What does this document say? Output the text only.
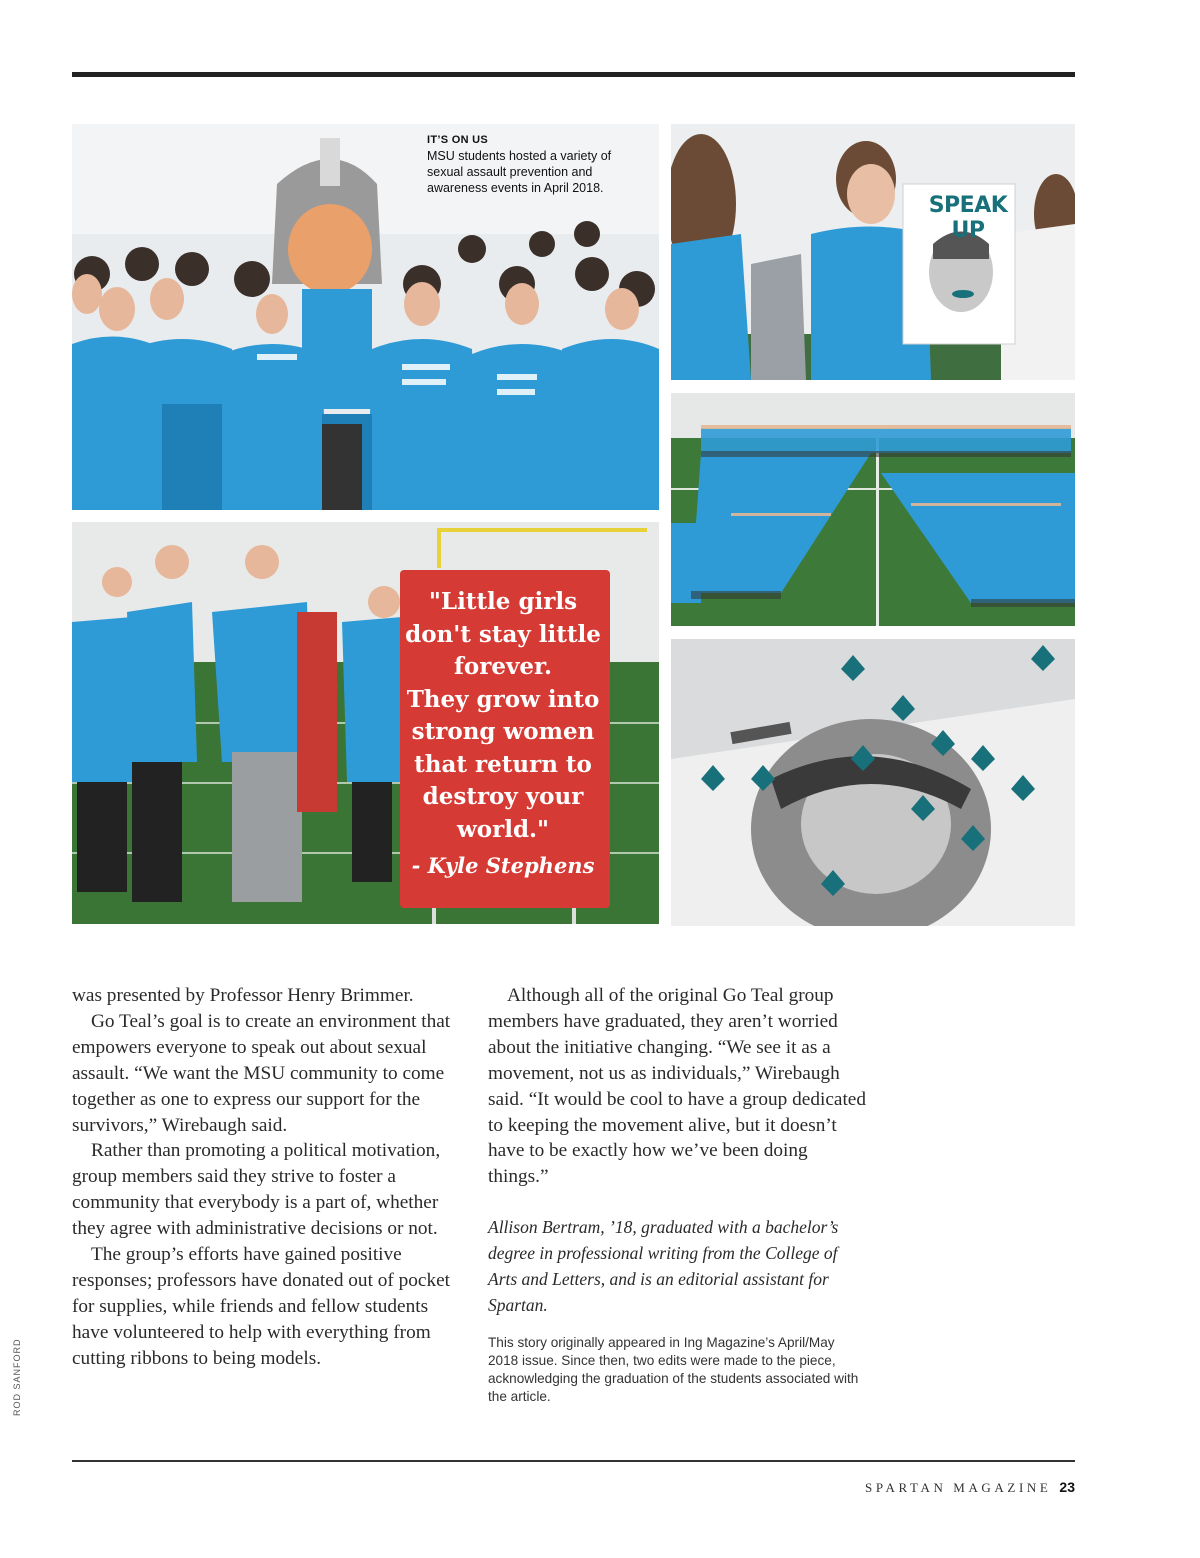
SPEAK UP
"Little girls
don't stay little
forever.
They grow into
strong women
that return to
destroy your
world."
- Kyle Stephens
IT’S ON US
MSU students hosted a variety of sexual assault prevention and awareness events in April 2018.

was presented by Professor Henry Brimmer.

Go Teal’s goal is to create an environment that empowers everyone to speak out about sexual assault. “We want the MSU community to come together as one to express our support for the survivors,” Wirebaugh said.

Rather than promoting a political motivation, group members said they strive to foster a community that everybody is a part of, whether they agree with administrative decisions or not.

The group’s efforts have gained positive responses; professors have donated out of pocket for supplies, while friends and fellow students have volunteered to help with everything from cutting ribbons to being models.

Although all of the original Go Teal group members have graduated, they aren’t worried about the initiative changing. “We see it as a movement, not us as individuals,” Wirebaugh said. “It would be cool to have a group dedicated to keeping the movement alive, but it doesn’t have to be exactly how we’ve been doing things.”

Allison Bertram, ’18, graduated with a bachelor’s degree in professional writing from the College of Arts and Letters, and is an editorial assistant for Spartan.

This story originally appeared in Ing Magazine’s April/May 2018 issue. Since then, two edits were made to the piece, acknowledging the graduation of the students associated with the article.

ROD SANFORD
SPARTAN MAGAZINE 23
